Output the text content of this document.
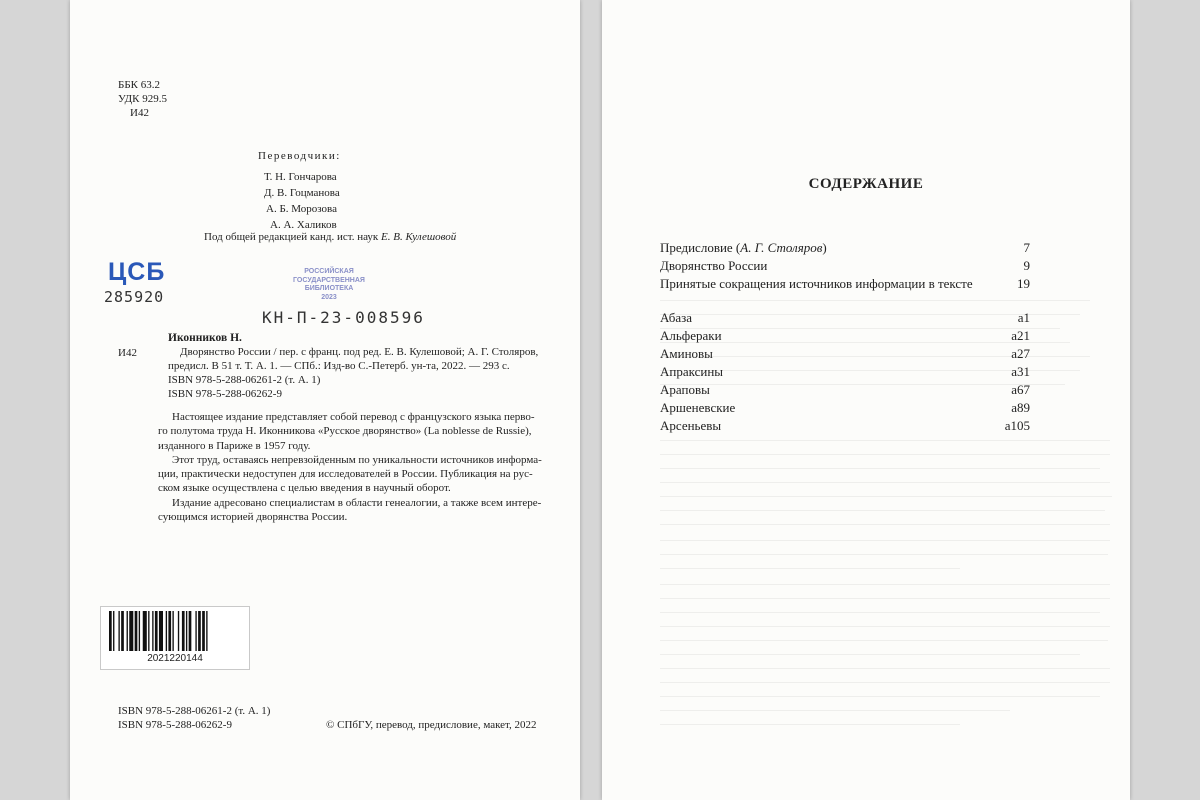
ББК 63.2
УДК 929.5
И42
Переводчики:
Т. Н. Гончарова
Д. В. Гоцманова
А. Б. Морозова
А. А. Халиков
Под общей редакцией канд. ист. наук Е. В. Кулешовой
ЦСБ
285920
РОССИЙСКАЯ
ГОСУДАРСТВЕННАЯ
БИБЛИОТЕКА
2023
КН-П-23-008596
Иконников Н.
И42	Дворянство России / пер. с франц. под ред. Е. В. Кулешовой; А. Г. Столяров,
предисл. В 51 т. Т. А. 1. — СПб.: Изд-во С.-Петерб. ун-та, 2022. — 293 с.
ISBN 978-5-288-06261-2 (т. А. 1)
ISBN 978-5-288-06262-9

Настоящее издание представляет собой перевод с французского языка перво-

го полутома труда Н. Иконникова «Русское дворянство» (La noblesse de Russie),

изданного в Париже в 1957 году.

Этот труд, оставаясь непревзойденным по уникальности источников информа-

ции, практически недоступен для исследователей в России. Публикация на рус-

ском языке осуществлена с целью введения в научный оборот.

Издание адресовано специалистам в области генеалогии, а также всем интере-

сующимся историей дворянства России.

2021220144
ISBN 978-5-288-06261-2 (т. А. 1)
ISBN 978-5-288-06262-9	© СПбГУ, перевод, предисловие, макет, 2022
СОДЕРЖАНИЕ
Предисловие (А. Г. Столяров)	7
Дворянство России	9
Принятые сокращения источников информации в тексте	19
Абаза	a1
Альфераки	a21
Аминовы	a27
Апраксины	a31
Араповы	a67
Аршеневские	a89
Арсеньевы	a105
